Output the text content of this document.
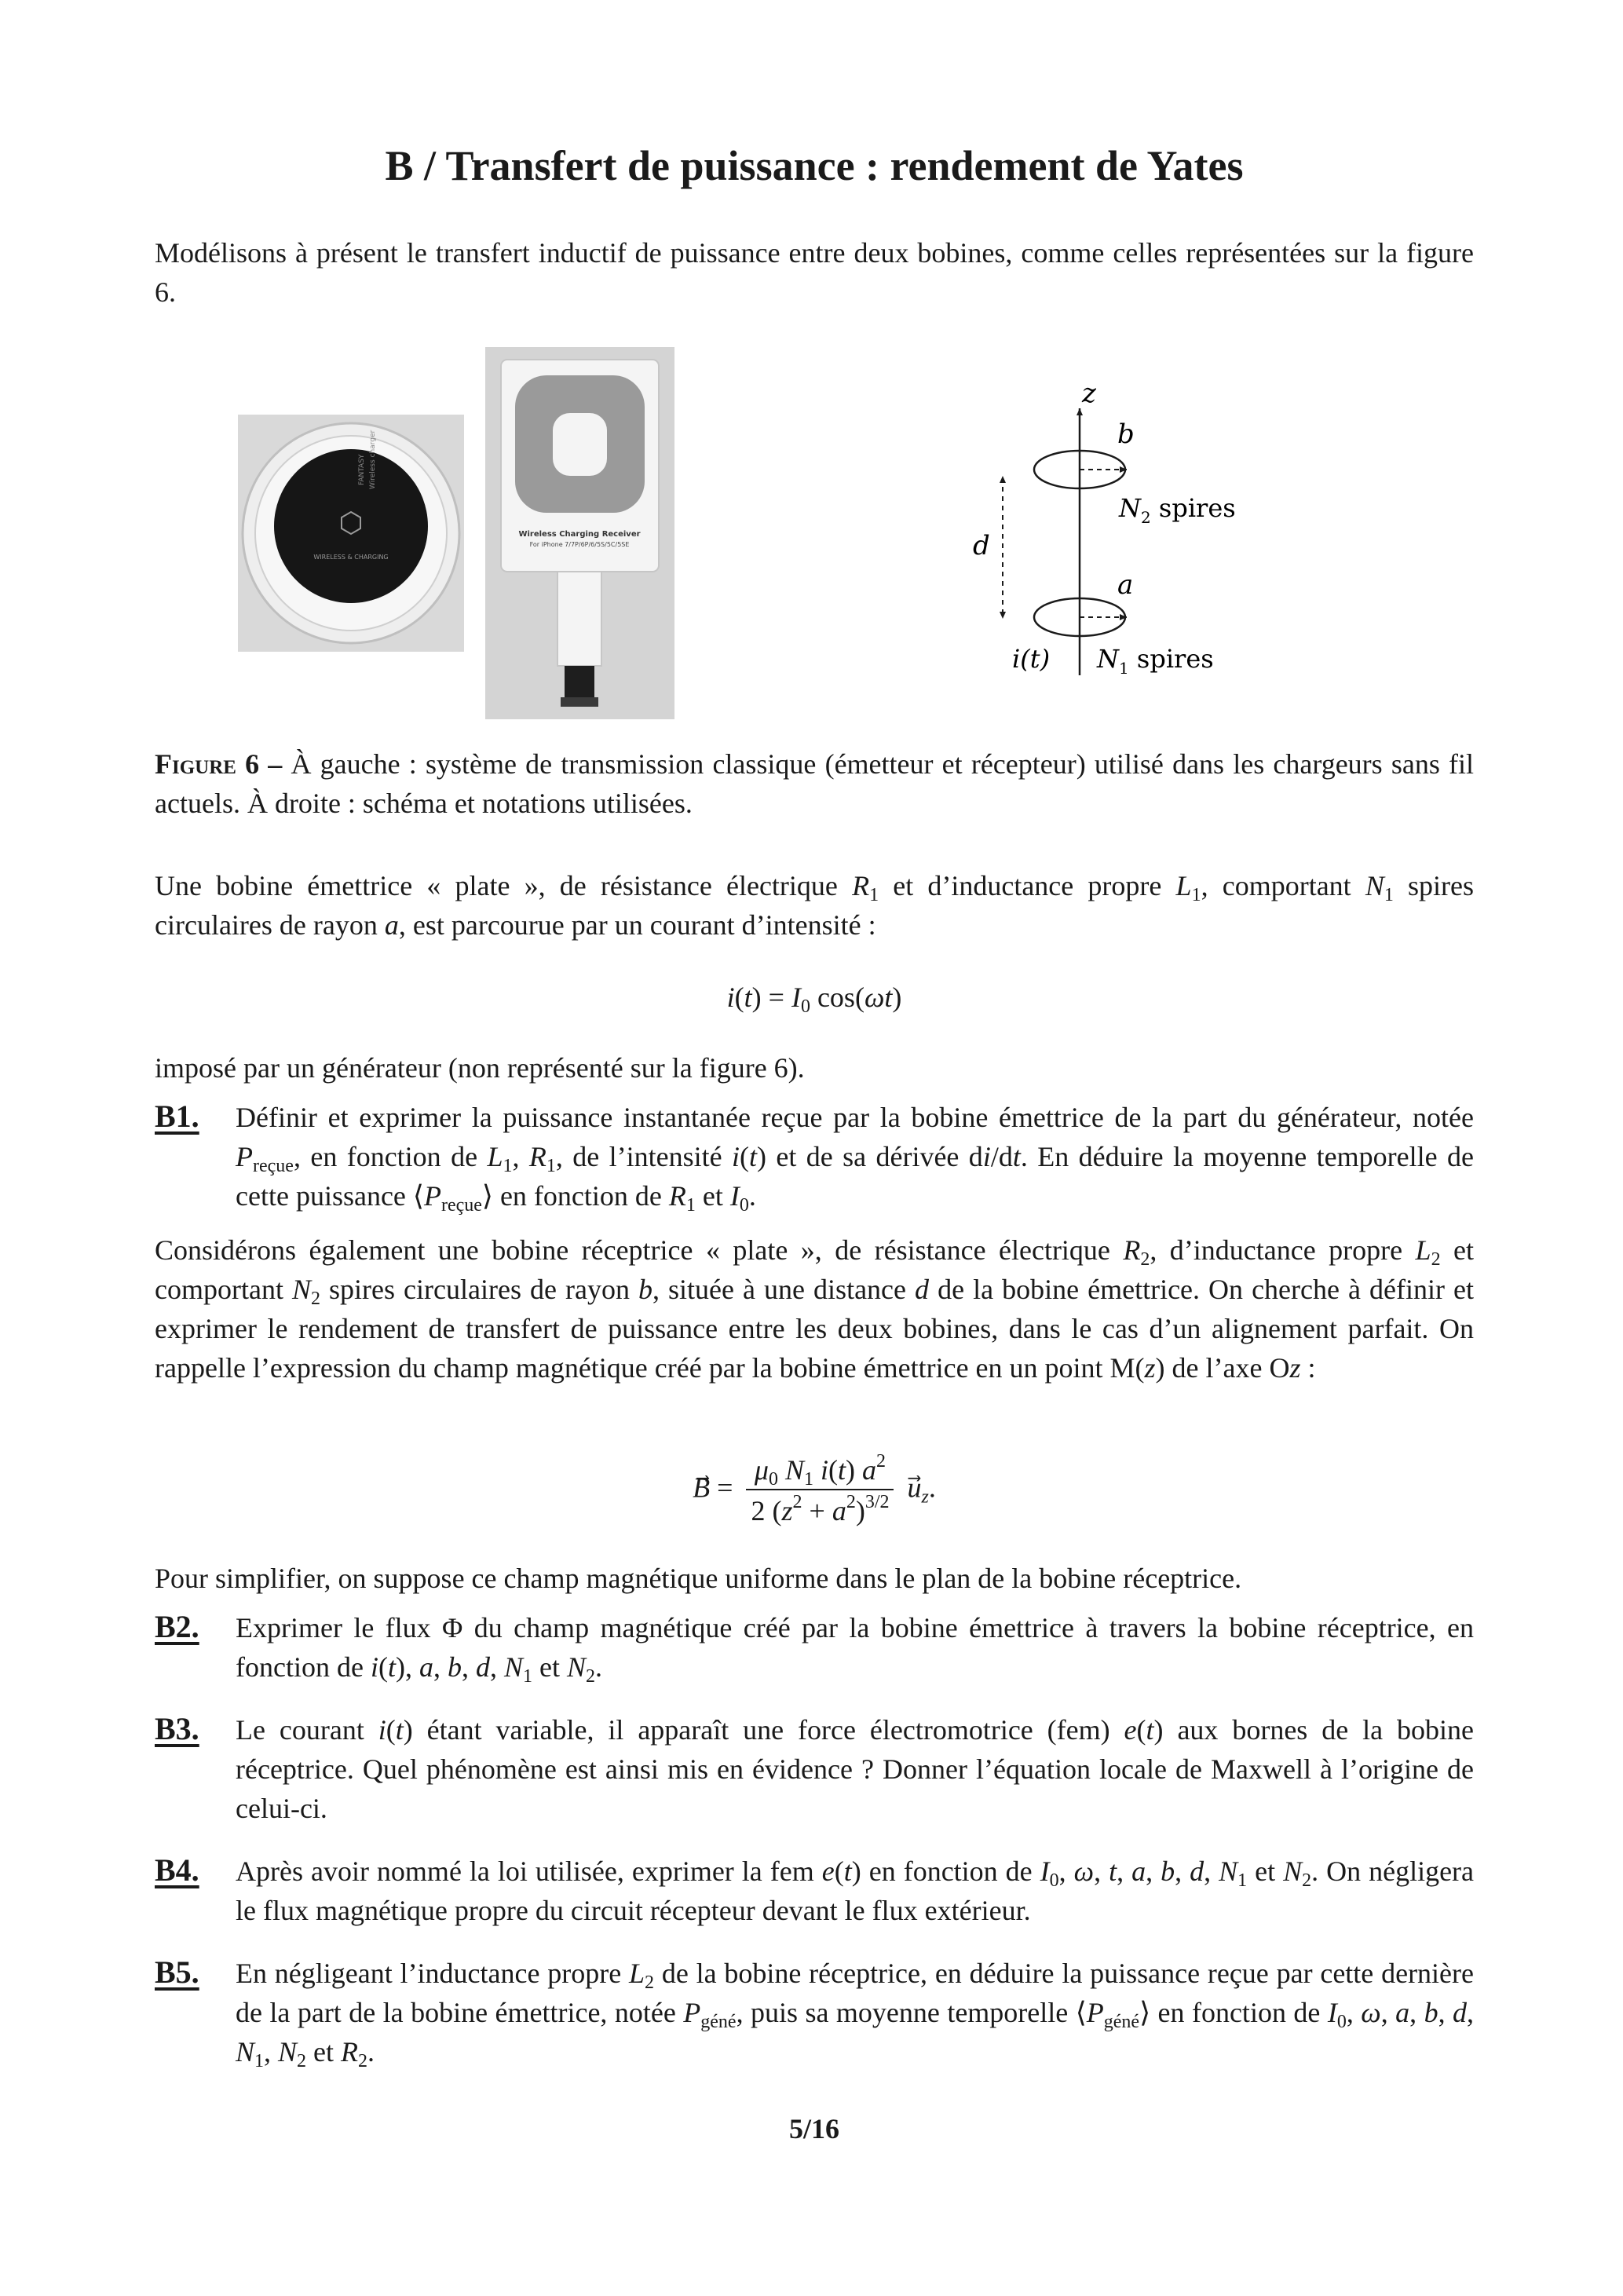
B / Transfert de puissance : rendement de Yates

Modélisons à présent le transfert inductif de puissance entre deux bobines, comme celles représentées sur la figure 6.

FANTASY Wireless charger
WIRELESS & CHARGING
Wireless Charging Receiver
For iPhone 7/7P/6P/6/5S/5C/5SE
z
b
a
d
$N_2$ spires
i(t) $N_1$ spires
Figure 6 – À gauche : système de transmission classique (émetteur et récepteur) utilisé dans les chargeurs sans fil actuels. À droite : schéma et notations utilisées.

Une bobine émettrice « plate », de résistance électrique $R_1$ et d’inductance propre $L_1$, comportant $N_1$ spires circulaires de rayon a, est parcourue par un courant d’intensité :

$i(t) = I_0$ cos(ωt)

imposé par un générateur (non représenté sur la figure 6).

B1. Définir et exprimer la puissance instantanée reçue par la bobine émettrice de la part du générateur, notée $P_{reçue}$, en fonction de $L_1$, $R_1$, de l’intensité i(t) et de sa dérivée di/dt. En déduire la moyenne temporelle de cette puissance $⟨P_{reçue}⟩$ en fonction de $R_1$ et $I_0$.

Considérons également une bobine réceptrice « plate », de résistance électrique $R_2$, d’inductance propre $L_2$ et comportant $N_2$ spires circulaires de rayon b, située à une distance d de la bobine émettrice. On cherche à définir et exprimer le rendement de transfert de puissance entre les deux bobines, dans le cas d’un alignement parfait. On rappelle l’expression du champ magnétique créé par la bobine émettrice en un point M(z) de l’axe Oz :

B⃗ = $\frac{\mu_0 N_1 i(t) a^2}{2 (z^2 + a^2)^{3/2}} u_z$.

Pour simplifier, on suppose ce champ magnétique uniforme dans le plan de la bobine réceptrice.

B2. Exprimer le flux Φ du champ magnétique créé par la bobine émettrice à travers la bobine réceptrice, en fonction de i(t), a, b, d, $N_1$ et $N_2$.
B3. Le courant i(t) étant variable, il apparaît une force électromotrice (fem) e(t) aux bornes de la bobine réceptrice. Quel phénomène est ainsi mis en évidence ? Donner l’équation locale de Maxwell à l’origine de celui-ci.
B4. Après avoir nommé la loi utilisée, exprimer la fem e(t) en fonction de $I_0$, ω, t, a, b, d, $N_1$ et $N_2$. On négligera le flux magnétique propre du circuit récepteur devant le flux extérieur.
B5. En négligeant l’inductance propre $L_2$ de la bobine réceptrice, en déduire la puissance reçue par cette dernière de la part de la bobine émettrice, notée $P_{géné}$, puis sa moyenne temporelle $⟨P_{géné}⟩$ en fonction de $I_0$, ω, a, b, d, $N_1$, $N_2$ et $R_2$.
5/16
